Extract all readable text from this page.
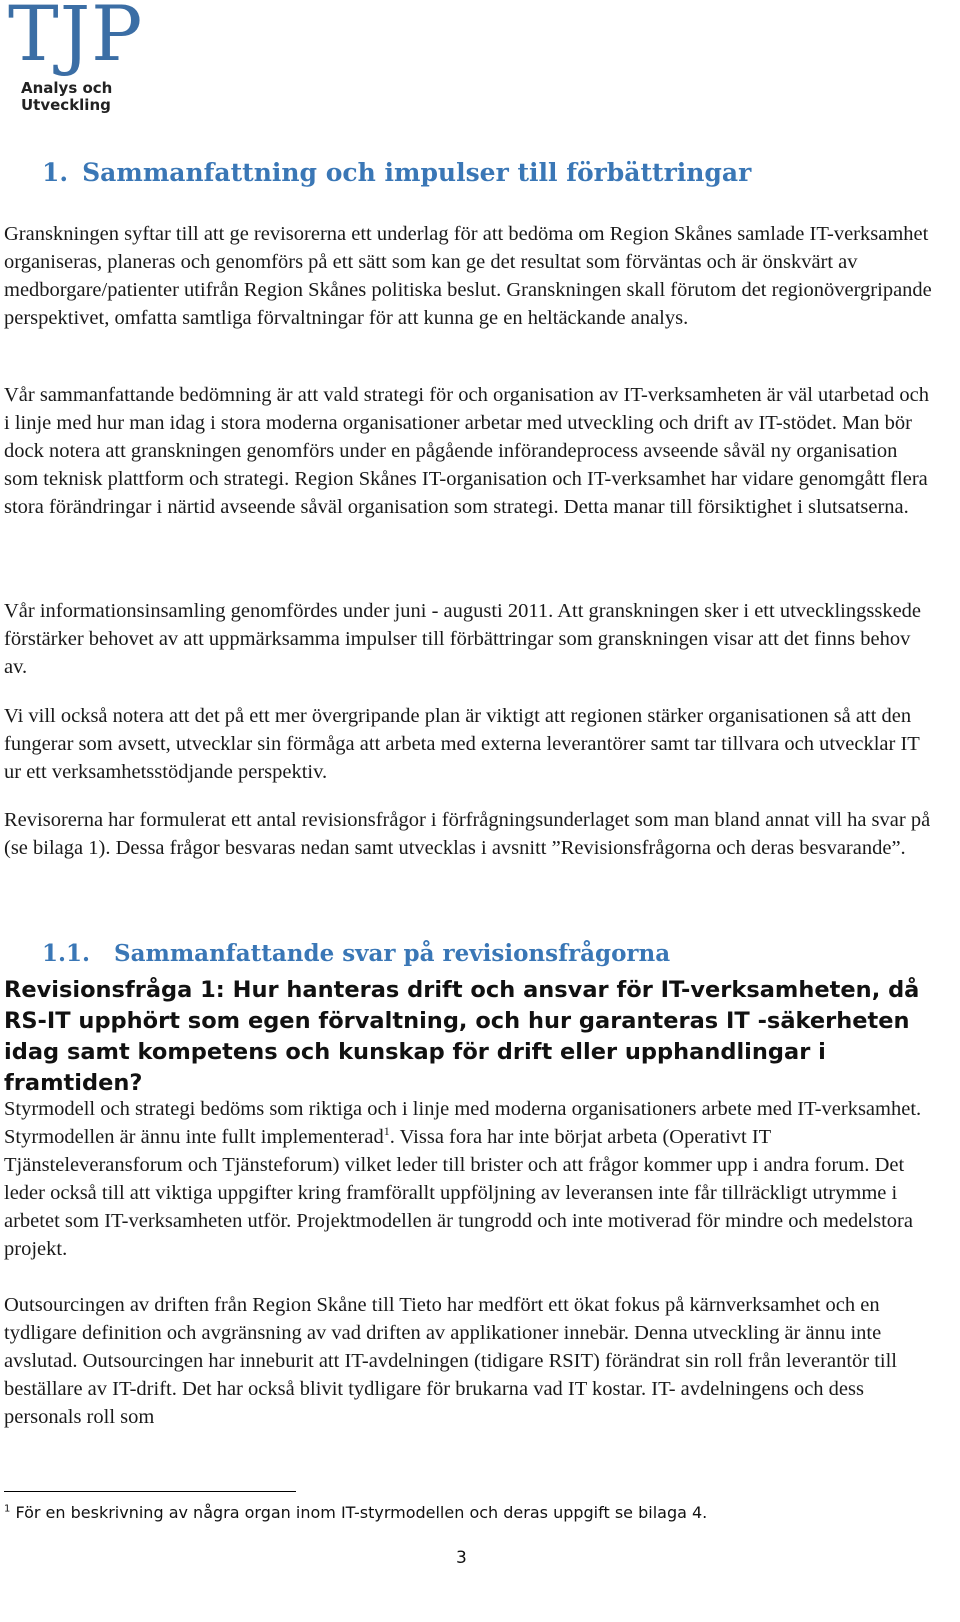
TJP
Analys och
Utveckling
1. Sammanfattning och impulser till förbättringar

Granskningen syftar till att ge revisorerna ett underlag för att bedöma om Region Skånes samlade IT-verksamhet organiseras, planeras och genomförs på ett sätt som kan ge det resultat som förväntas och är önskvärt av medborgare/patienter utifrån Region Skånes politiska beslut. Granskningen skall förutom det regionövergripande perspektivet, omfatta samtliga förvaltningar för att kunna ge en heltäckande analys.

Vår sammanfattande bedömning är att vald strategi för och organisation av IT-verksamheten är väl utarbetad och i linje med hur man idag i stora moderna organisationer arbetar med utveckling och drift av IT-stödet. Man bör dock notera att granskningen genomförs under en pågående införandeprocess avseende såväl ny organisation som teknisk plattform och strategi. Region Skånes IT-organisation och IT-verksamhet har vidare genomgått flera stora förändringar i närtid avseende såväl organisation som strategi. Detta manar till försiktighet i slutsatserna.

Vår informationsinsamling genomfördes under juni - augusti 2011. Att granskningen sker i ett utvecklingsskede förstärker behovet av att uppmärksamma impulser till förbättringar som granskningen visar att det finns behov av.

Vi vill också notera att det på ett mer övergripande plan är viktigt att regionen stärker organisationen så att den fungerar som avsett, utvecklar sin förmåga att arbeta med externa leverantörer samt tar tillvara och utvecklar IT ur ett verksamhetsstödjande perspektiv.

Revisorerna har formulerat ett antal revisionsfrågor i förfrågningsunderlaget som man bland annat vill ha svar på (se bilaga 1). Dessa frågor besvaras nedan samt utvecklas i avsnitt ”Revisionsfrågorna och deras besvarande”.

1.1. Sammanfattande svar på revisionsfrågorna
Revisionsfråga 1: Hur hanteras drift och ansvar för IT-verksamheten, då RS-IT upphört som egen förvaltning, och hur garanteras IT -säkerheten idag samt kompetens och kunskap för drift eller upphandlingar i framtiden?

Styrmodell och strategi bedöms som riktiga och i linje med moderna organisationers arbete med IT-verksamhet. Styrmodellen är ännu inte fullt implementerad$^1$. Vissa fora har inte börjat arbeta (Operativt IT Tjänsteleveransforum och Tjänsteforum) vilket leder till brister och att frågor kommer upp i andra forum. Det leder också till att viktiga uppgifter kring framförallt uppföljning av leveransen inte får tillräckligt utrymme i arbetet som IT-verksamheten utför. Projektmodellen är tungrodd och inte motiverad för mindre och medelstora projekt.

Outsourcingen av driften från Region Skåne till Tieto har medfört ett ökat fokus på kärnverksamhet och en tydligare definition och avgränsning av vad driften av applikationer innebär. Denna utveckling är ännu inte avslutad. Outsourcingen har inneburit att IT-avdelningen (tidigare RSIT) förändrat sin roll från leverantör till beställare av IT-drift. Det har också blivit tydligare för brukarna vad IT kostar. IT- avdelningens och dess personals roll som

$^1$ För en beskrivning av några organ inom IT-styrmodellen och deras uppgift se bilaga 4.
3
